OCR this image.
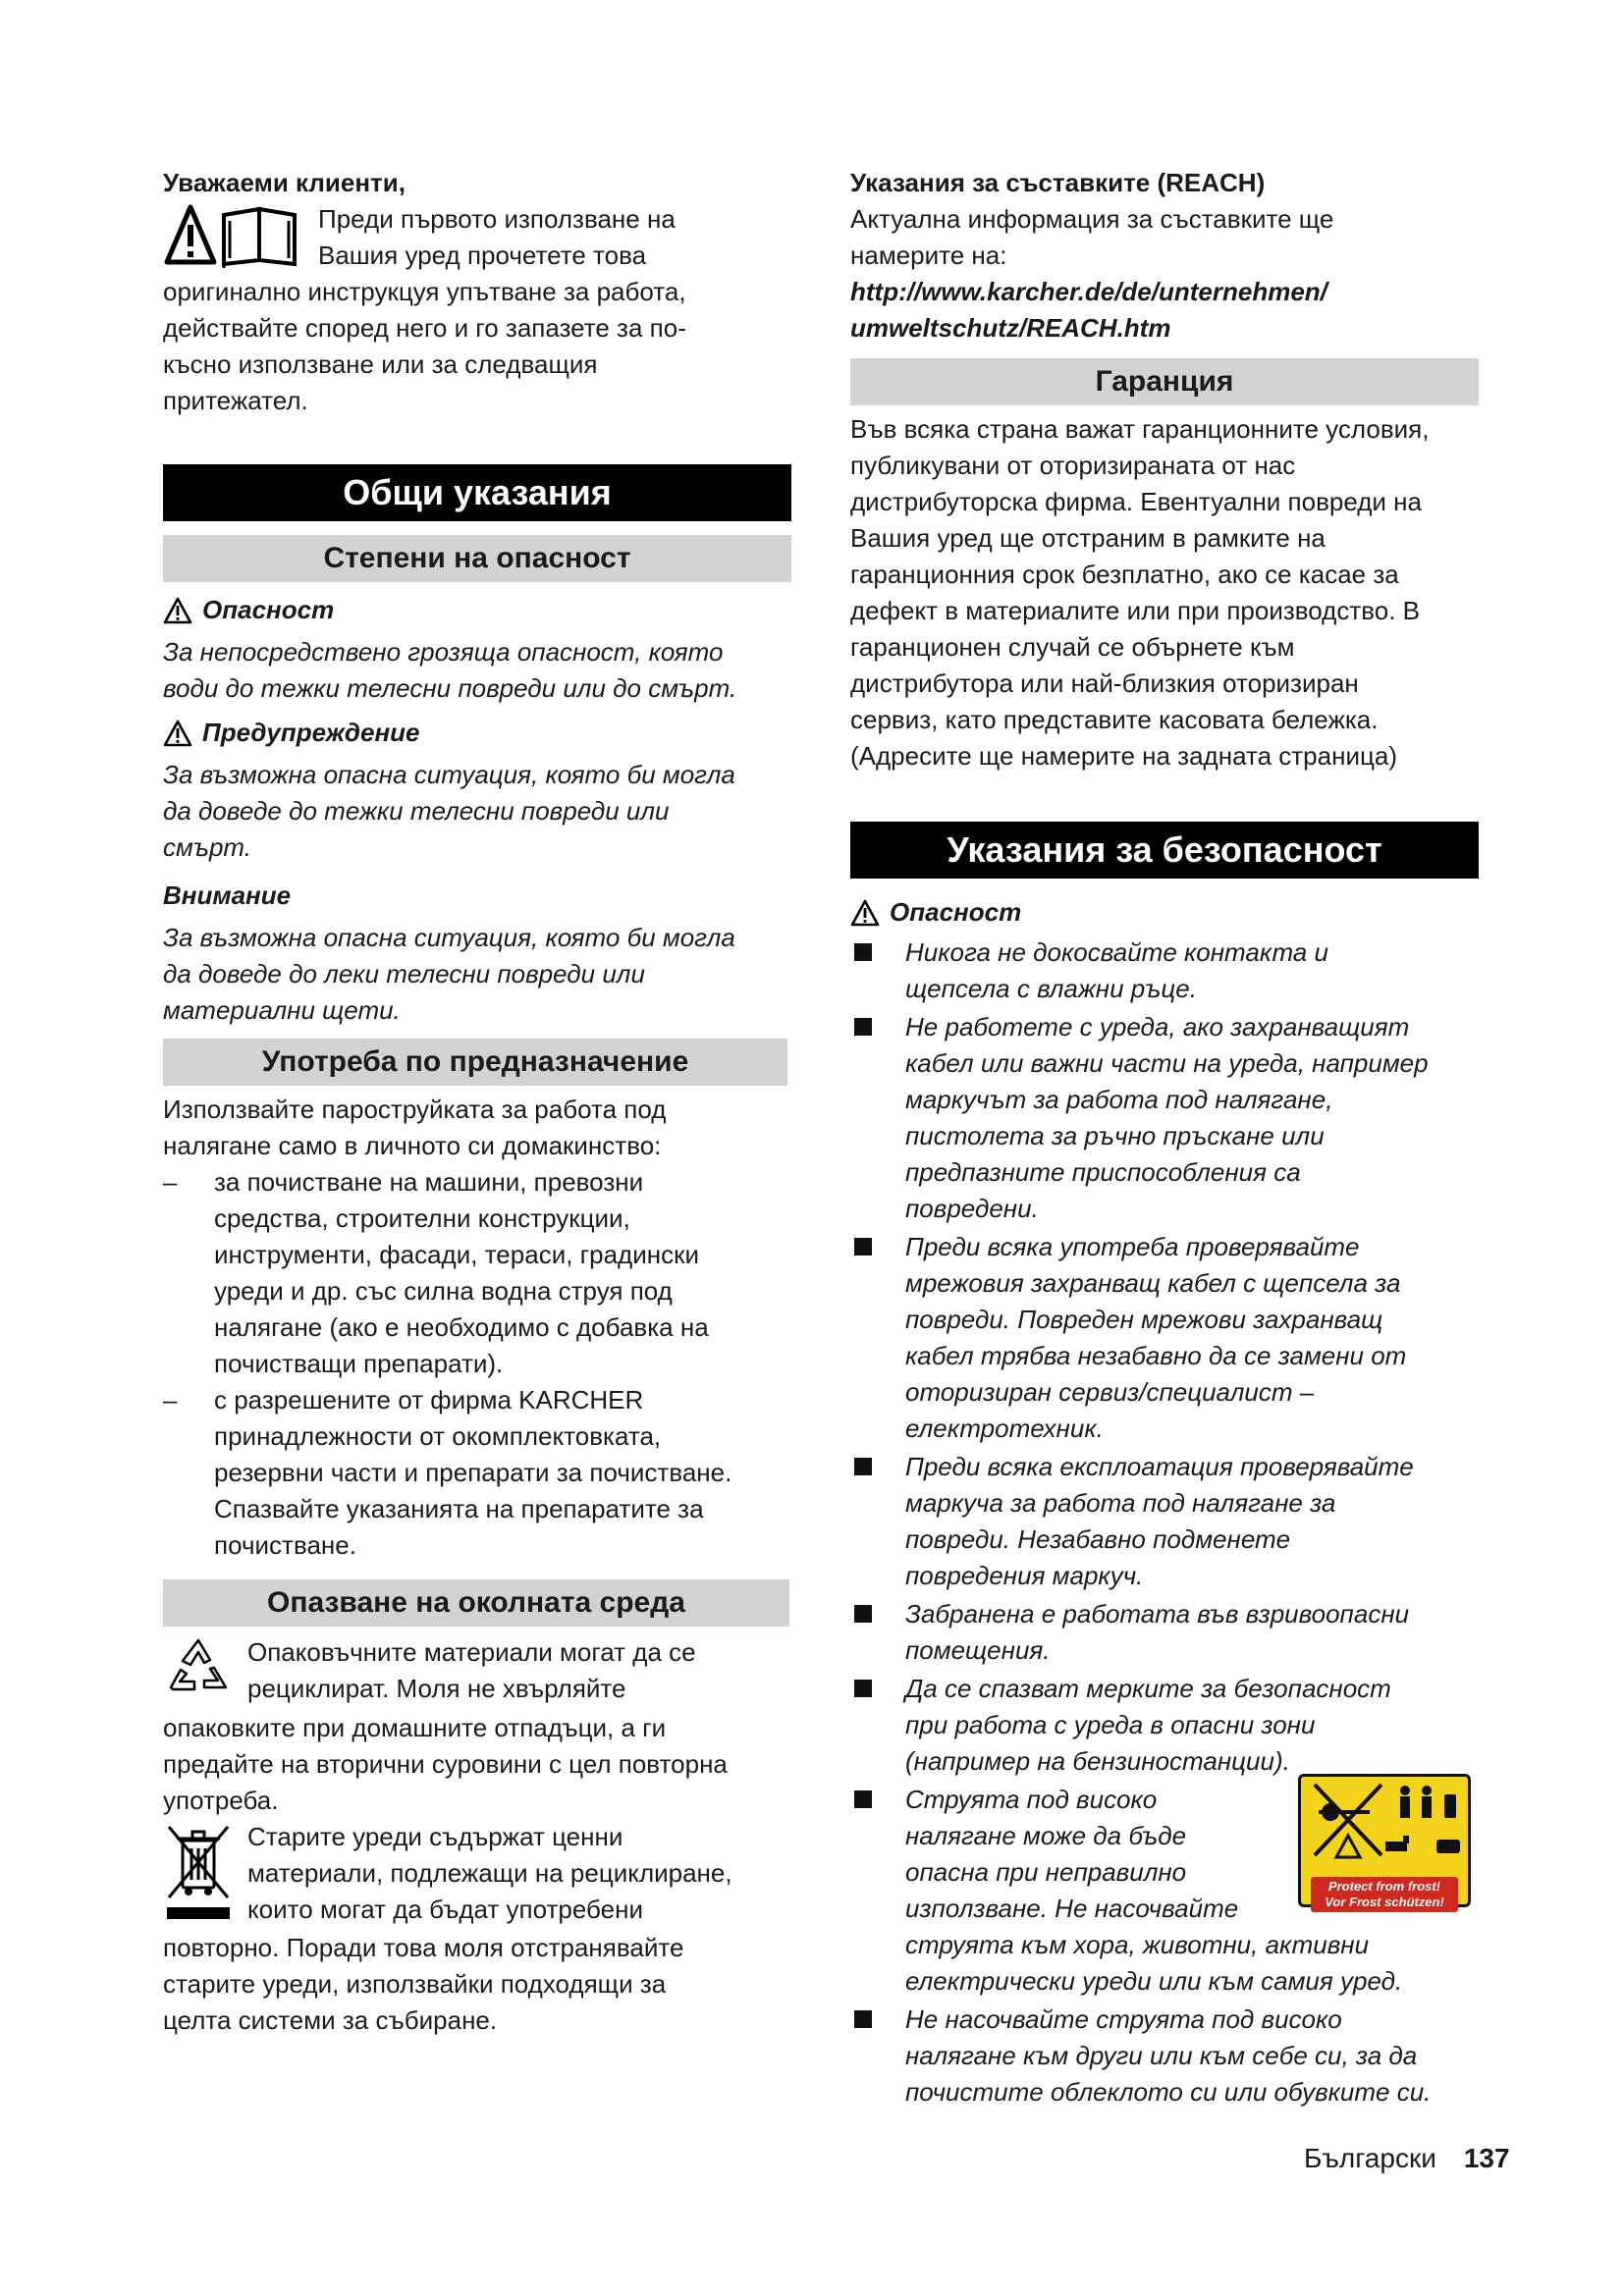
Уважаеми клиенти,

Преди първото използване на

Вашия уред прочетете това

оригинално инструкцуя упътване за работа,

действайте според него и го запазете за по-

късно използване или за следващия

притежател.

Общи указания
Степени на опасност
Опасност

За непосредствено грозяща опасност, която

води до тежки телесни повреди или до смърт.

Предупреждение

За възможна опасна ситуация, която би могла

да доведе до тежки телесни повреди или

смърт.

Внимание

За възможна опасна ситуация, която би могла

да доведе до леки телесни повреди или

материални щети.

Употреба по предназначение

Използвайте пароструйката за работа под

налягане само в личното си домакинство:

–	за почистване на машини, превозни

средства, строителни конструкции,

инструменти, фасади, тераси, градински

уреди и др. със силна водна струя под

налягане (ако е необходимо с добавка на

почистващи препарати).

–	с разрешените от фирма KARCHER

принадлежности от окомплектовката,

резервни части и препарати за почистване.

Спазвайте указанията на препаратите за

почистване.

Опазване на околната среда

Опаковъчните материали могат да се

рециклират. Моля не хвърляйте

опаковките при домашните отпадъци, а ги

предайте на вторични суровини с цел повторна

употреба.

Старите уреди съдържат ценни

материали, подлежащи на рециклиране,

които могат да бъдат употребени

повторно. Поради това моля отстранявайте

старите уреди, използвайки подходящи за

целта системи за събиране.

Указания за съставките (REACH)

Актуална информация за съставките ще

намерите на:

http://www.karcher.de/de/unternehmen/
umweltschutz/REACH.htm
Гаранция

Във всяка страна важат гаранционните условия,

публикувани от оторизираната от нас

дистрибуторска фирма. Евентуални повреди на

Вашия уред ще отстраним в рамките на

гаранционния срок безплатно, ако се касае за

дефект в материалите или при производство. В

гаранционен случай се обърнете към

дистрибутора или най-близкия оторизиран

сервиз, като представите касовата бележка.

(Адресите ще намерите на задната страница)

Указания за безопасност
Опасност
Никога не докосвайте контакта и
щепсела с влажни ръце.
Не работете с уреда, ако захранващият
кабел или важни части на уреда, например
маркучът за работа под налягане,
пистолета за ръчно пръскане или
предпазните приспособления са
повредени.
Преди всяка употреба проверявайте
мрежовия захранващ кабел с щепсела за
повреди. Повреден мрежови захранващ
кабел трябва незабавно да се замени от
оторизиран сервиз/специалист –
електротехник.
Преди всяка експлоатация проверявайте
маркуча за работа под налягане за
повреди. Незабавно подменете
повредения маркуч.
Забранена е работата във взривоопасни
помещения.
Да се спазват мерките за безопасност
при работа с уреда в опасни зони
(например на бензиностанции).
Струята под високо
налягане може да бъде
опасна при неправилно
използване. Не насочвайте
струята към хора, животни, активни
електрически уреди или към самия уред.
Protect from frost!
Vor Frost schützen!
Не насочвайте струята под високо
налягане към други или към себе си, за да
почистите облеклото си или обувките си.
Български 137
